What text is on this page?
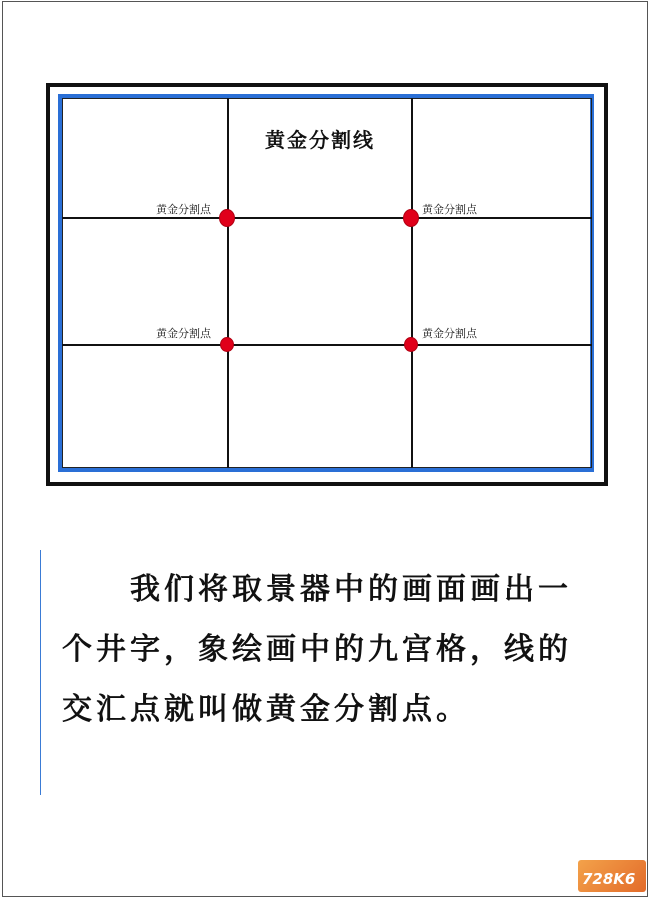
黄金分割线
黄金分割点	黄金分割点
黄金分割点	黄金分割点

我们将取景器中的画面画出一个井字，象绘画中的九宫格，线的交汇点就叫做黄金分割点。

728K6
